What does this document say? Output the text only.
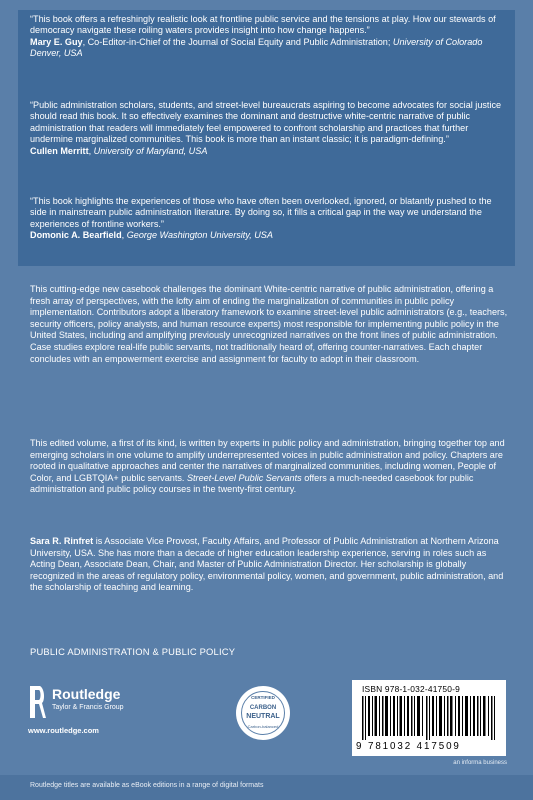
“This book offers a refreshingly realistic look at frontline public service and the tensions at play. How our stewards of democracy navigate these roiling waters provides insight into how change happens.”
Mary E. Guy, Co-Editor-in-Chief of the Journal of Social Equity and Public Administration; University of Colorado Denver, USA
“Public administration scholars, students, and street-level bureaucrats aspiring to become advocates for social justice should read this book. It so effectively examines the dominant and destructive white-centric narrative of public administration that readers will immediately feel empowered to confront scholarship and practices that further undermine marginalized communities. This book is more than an instant classic; it is paradigm-defining.”
Cullen Merritt, University of Maryland, USA
“This book highlights the experiences of those who have often been overlooked, ignored, or blatantly pushed to the side in mainstream public administration literature. By doing so, it fills a critical gap in the way we understand the experiences of frontline workers.”
Domonic A. Bearfield, George Washington University, USA

This cutting-edge new casebook challenges the dominant White-centric narrative of public administration, offering a fresh array of perspectives, with the lofty aim of ending the marginalization of communities in public policy implementation. Contributors adopt a liberatory framework to examine street-level public administrators (e.g., teachers, security officers, policy analysts, and human resource experts) most responsible for implementing public policy in the United States, including and amplifying previously unrecognized narratives on the front lines of public administration. Case studies explore real-life public servants, not traditionally heard of, offering counter-narratives. Each chapter concludes with an empowerment exercise and assignment for faculty to adopt in their classroom.

This edited volume, a first of its kind, is written by experts in public policy and administration, bringing together top and emerging scholars in one volume to amplify underrepresented voices in public administration and policy. Chapters are rooted in qualitative approaches and center the narratives of marginalized communities, including women, People of Color, and LGBTQIA+ public servants. Street-Level Public Servants offers a much-needed casebook for public administration and public policy courses in the twenty-first century.

Sara R. Rinfret is Associate Vice Provost, Faculty Affairs, and Professor of Public Administration at Northern Arizona University, USA. She has more than a decade of higher education leadership experience, serving in roles such as Acting Dean, Associate Dean, Chair, and Master of Public Administration Director. Her scholarship is globally recognized in the areas of regulatory policy, environmental policy, women, and government, public administration, and the scholarship of teaching and learning.

PUBLIC ADMINISTRATION & PUBLIC POLICY
Routledge
Taylor & Francis Group
www.routledge.com
CERTIFIED
CARBON
NEUTRAL
Carbon-balanced
ISBN 978-1-032-41750-9
9 781032 417509
an informa business
Routledge titles are available as eBook editions in a range of digital formats
